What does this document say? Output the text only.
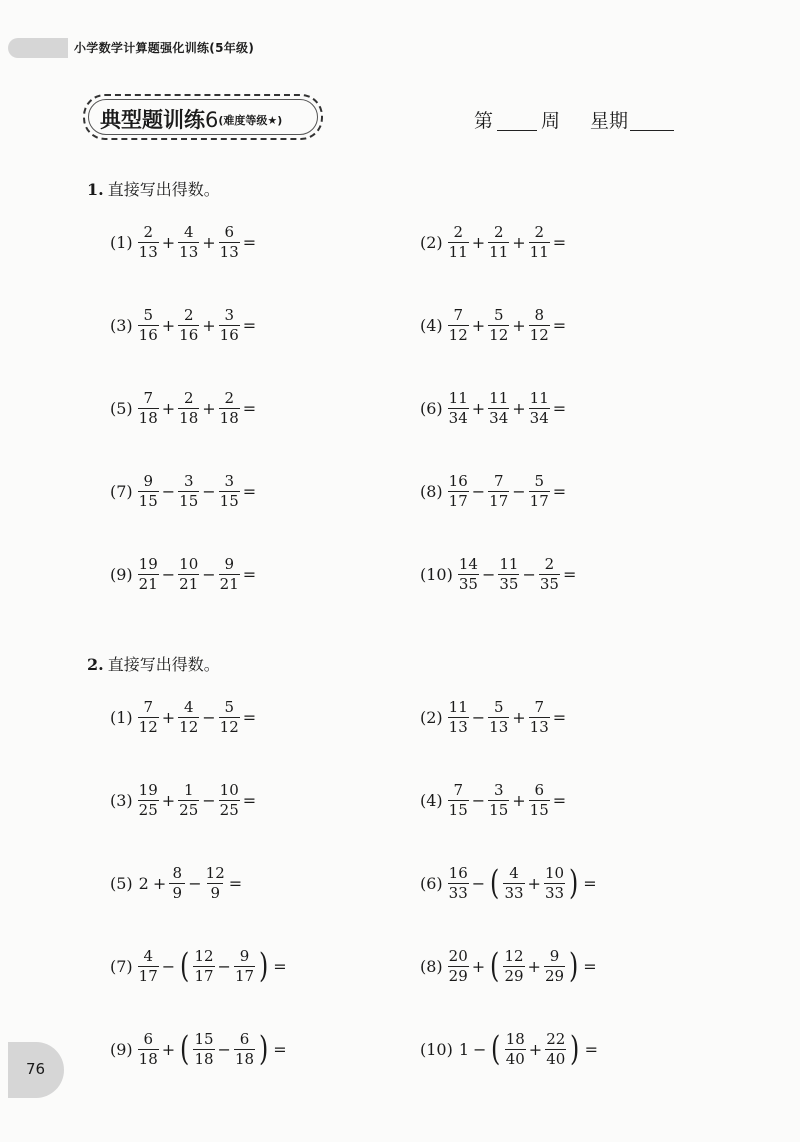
小学数学计算题强化训练(5年级)
典型题训练6(难度等级★)	第	周 星期
1. 直接写出得数。
2. 直接写出得数。
$(1) \frac{2}{13} + \frac{4}{13} + \frac{6}{13}$ =	$(2) \frac{2}{11} + \frac{2}{11} + \frac{2}{11}$ =
$(3) \frac{5}{16} + \frac{2}{16} + \frac{3}{16}$ =	$(4) \frac{7}{12} + \frac{5}{12} + \frac{8}{12}$ =
$(5) \frac{7}{18} + \frac{2}{18} + \frac{2}{18}$ =	$(6) \frac{11}{34} + \frac{11}{34} + \frac{11}{34}$ =
$(7) \frac{9}{15} - \frac{3}{15} - \frac{3}{15}$ =	$(8) \frac{16}{17} - \frac{7}{17} - \frac{5}{17}$ =
$(9) \frac{19}{21} - \frac{10}{21} - \frac{9}{21}$ =	$(10) \frac{14}{35} - \frac{11}{35} - \frac{2}{35}$ =
$(1) \frac{7}{12} + \frac{4}{12} - \frac{5}{12}$ =	$(2) \frac{11}{13} - \frac{5}{13} + \frac{7}{13}$ =
$(3) \frac{19}{25} + \frac{1}{25} - \frac{10}{25}$ =	$(4) \frac{7}{15} - \frac{3}{15} + \frac{6}{15}$ =
(5) $2 + \frac{8}{9} - \frac{12}{9}$ =	$(6) \frac{16}{33}$ − ( $\frac{4}{33} + \frac{10}{33}$ ) =
$(7) \frac{4}{17}$ − ( $\frac{12}{17} - \frac{9}{17}$ ) =	$(8) \frac{20}{29}$ + ( $\frac{12}{29} + \frac{9}{29}$ ) =
$(9) \frac{6}{18}$ + ( $\frac{15}{18} - \frac{6}{18}$ ) =	(10) 1 − ( $\frac{18}{40} + \frac{22}{40}$ ) =
76
